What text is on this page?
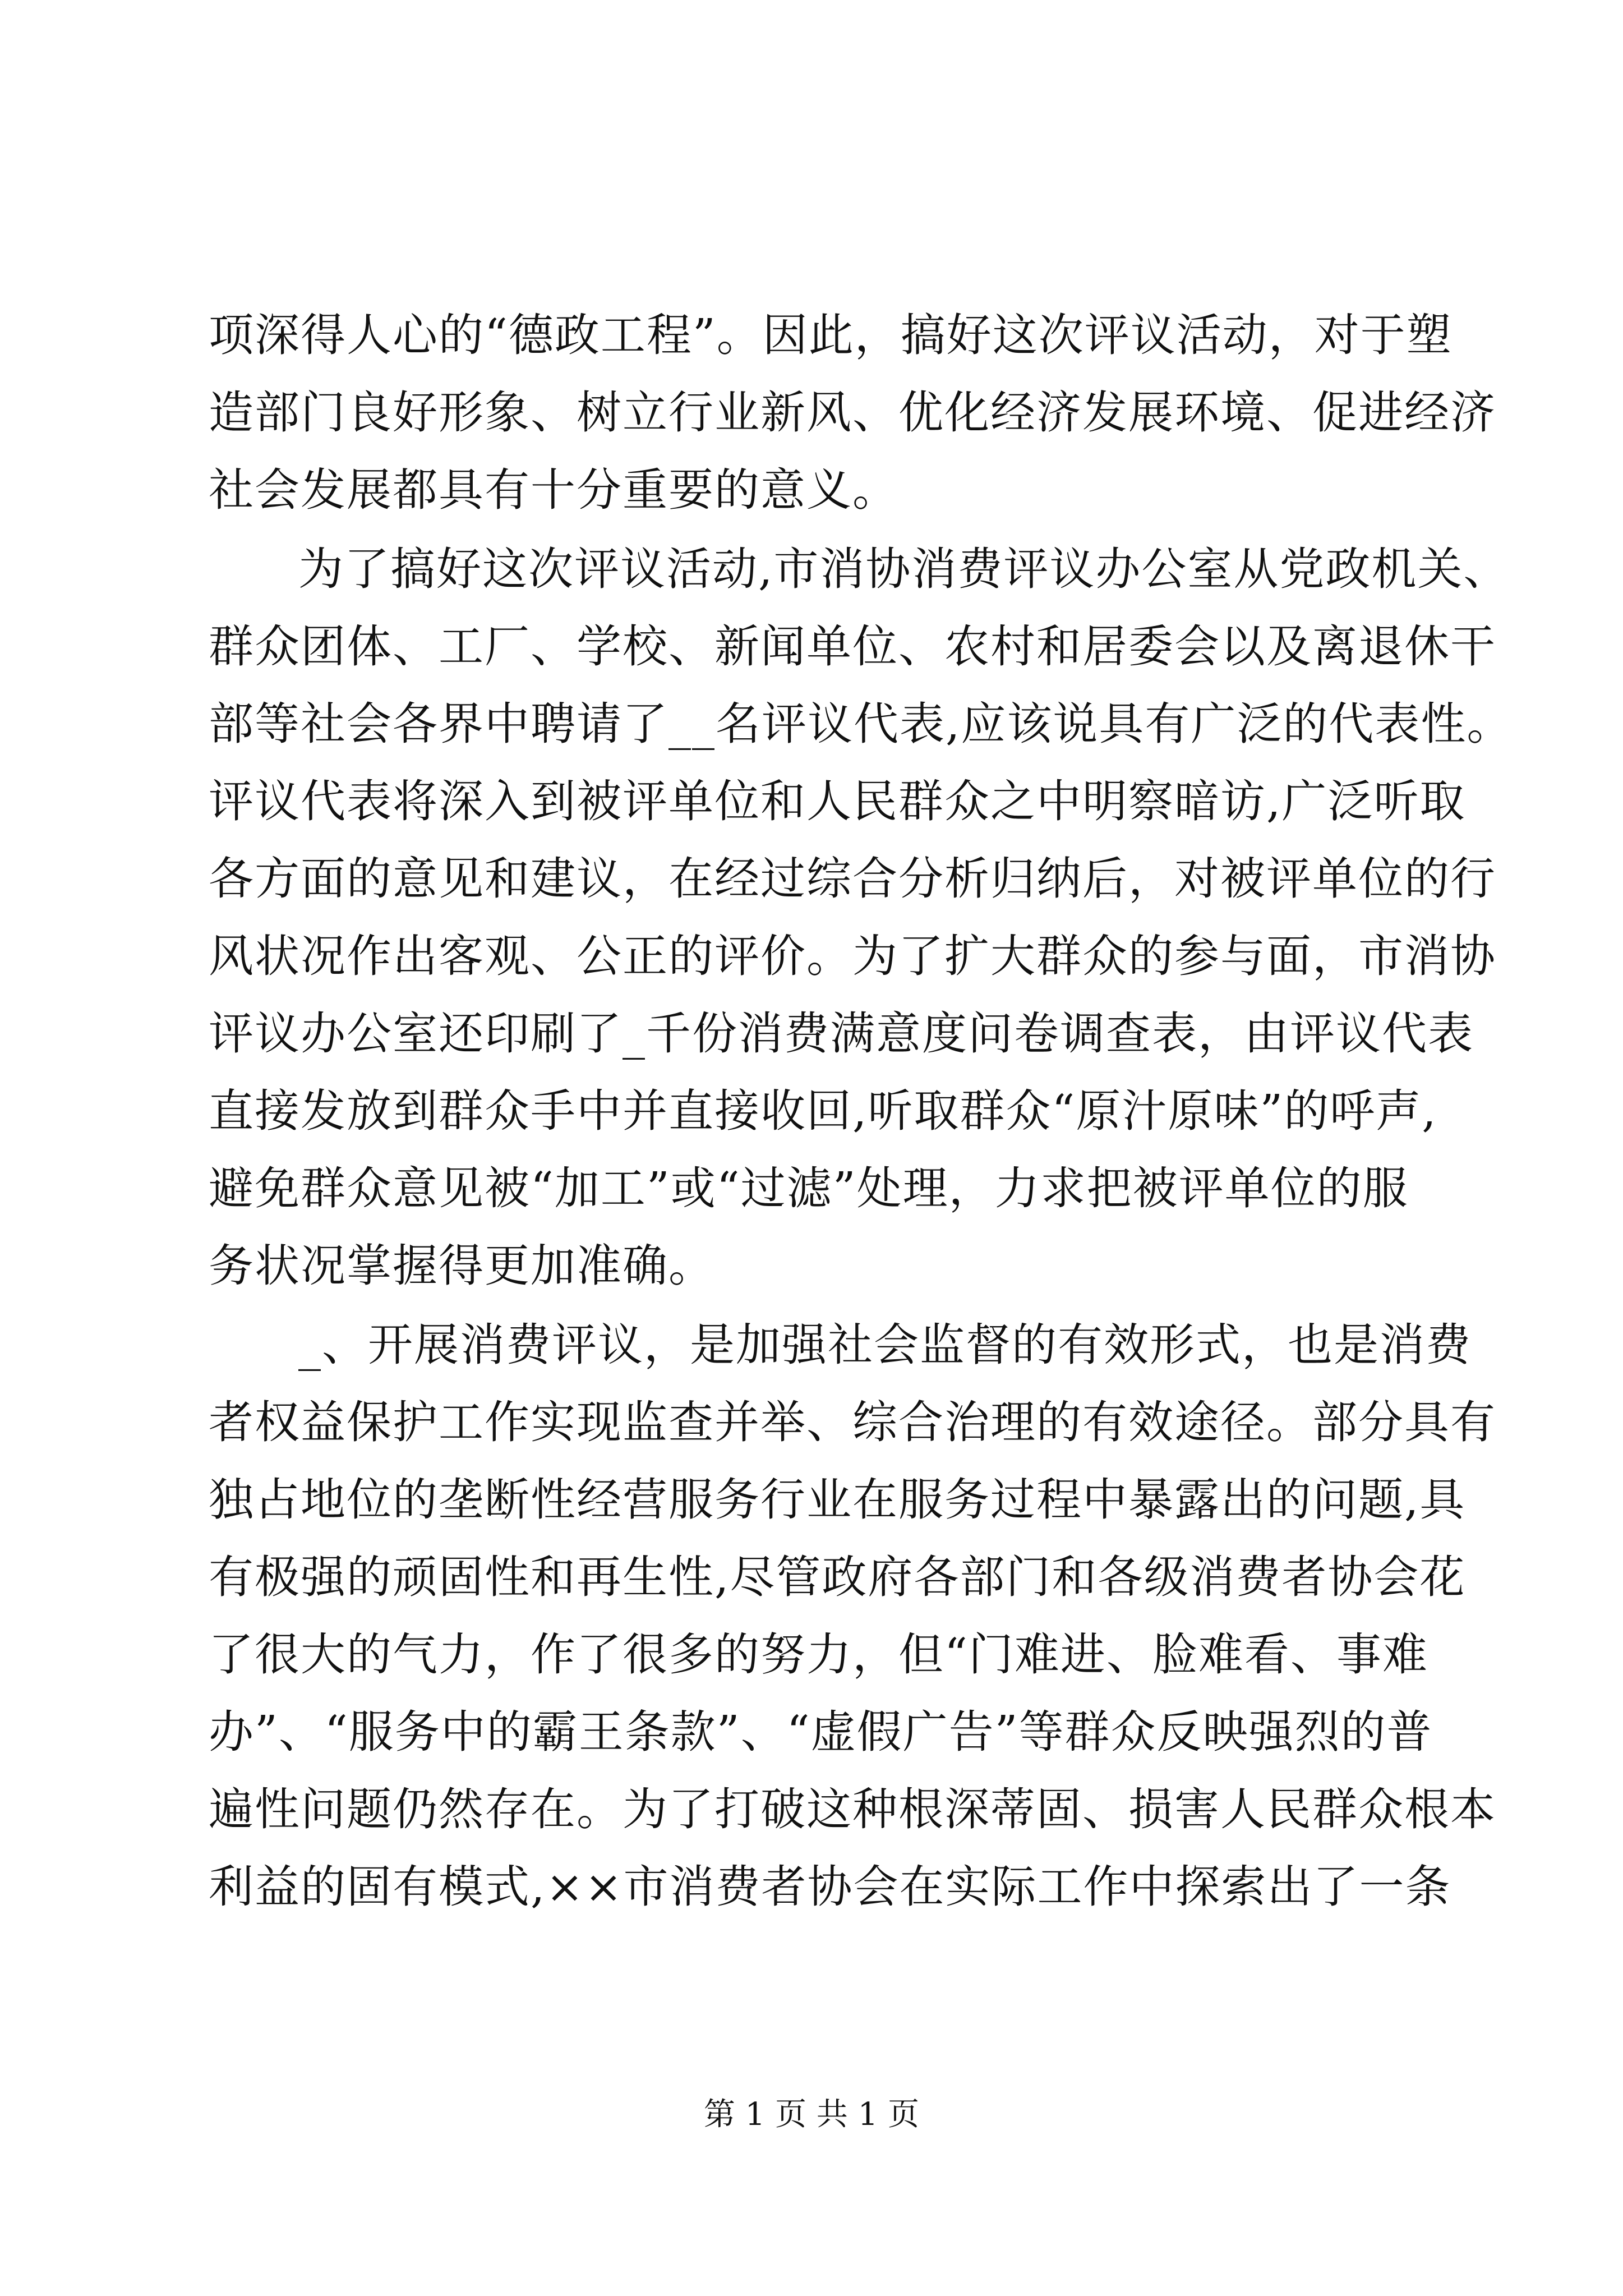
项深得人心的“德政工程”。因此，搞好这次评议活动，对于塑
造部门良好形象、树立行业新风、优化经济发展环境、促进经济
社会发展都具有十分重要的意义。
为了搞好这次评议活动,市消协消费评议办公室从党政机关、
群众团体、工厂、学校、新闻单位、农村和居委会以及离退休干
部等社会各界中聘请了__名评议代表,应该说具有广泛的代表性。
评议代表将深入到被评单位和人民群众之中明察暗访,广泛听取
各方面的意见和建议，在经过综合分析归纳后，对被评单位的行
风状况作出客观、公正的评价。为了扩大群众的参与面，市消协
评议办公室还印刷了_千份消费满意度问卷调查表，由评议代表
直接发放到群众手中并直接收回,听取群众“原汁原味”的呼声,
避免群众意见被“加工”或“过滤”处理，力求把被评单位的服
务状况掌握得更加准确。
_、开展消费评议，是加强社会监督的有效形式，也是消费
者权益保护工作实现监查并举、综合治理的有效途径。部分具有
独占地位的垄断性经营服务行业在服务过程中暴露出的问题,具
有极强的顽固性和再生性,尽管政府各部门和各级消费者协会花
了很大的气力，作了很多的努力，但“门难进、脸难看、事难
办”、“服务中的霸王条款”、“虚假广告”等群众反映强烈的普
遍性问题仍然存在。为了打破这种根深蒂固、损害人民群众根本
利益的固有模式,××市消费者协会在实际工作中探索出了一条
第 1 页 共 1 页
